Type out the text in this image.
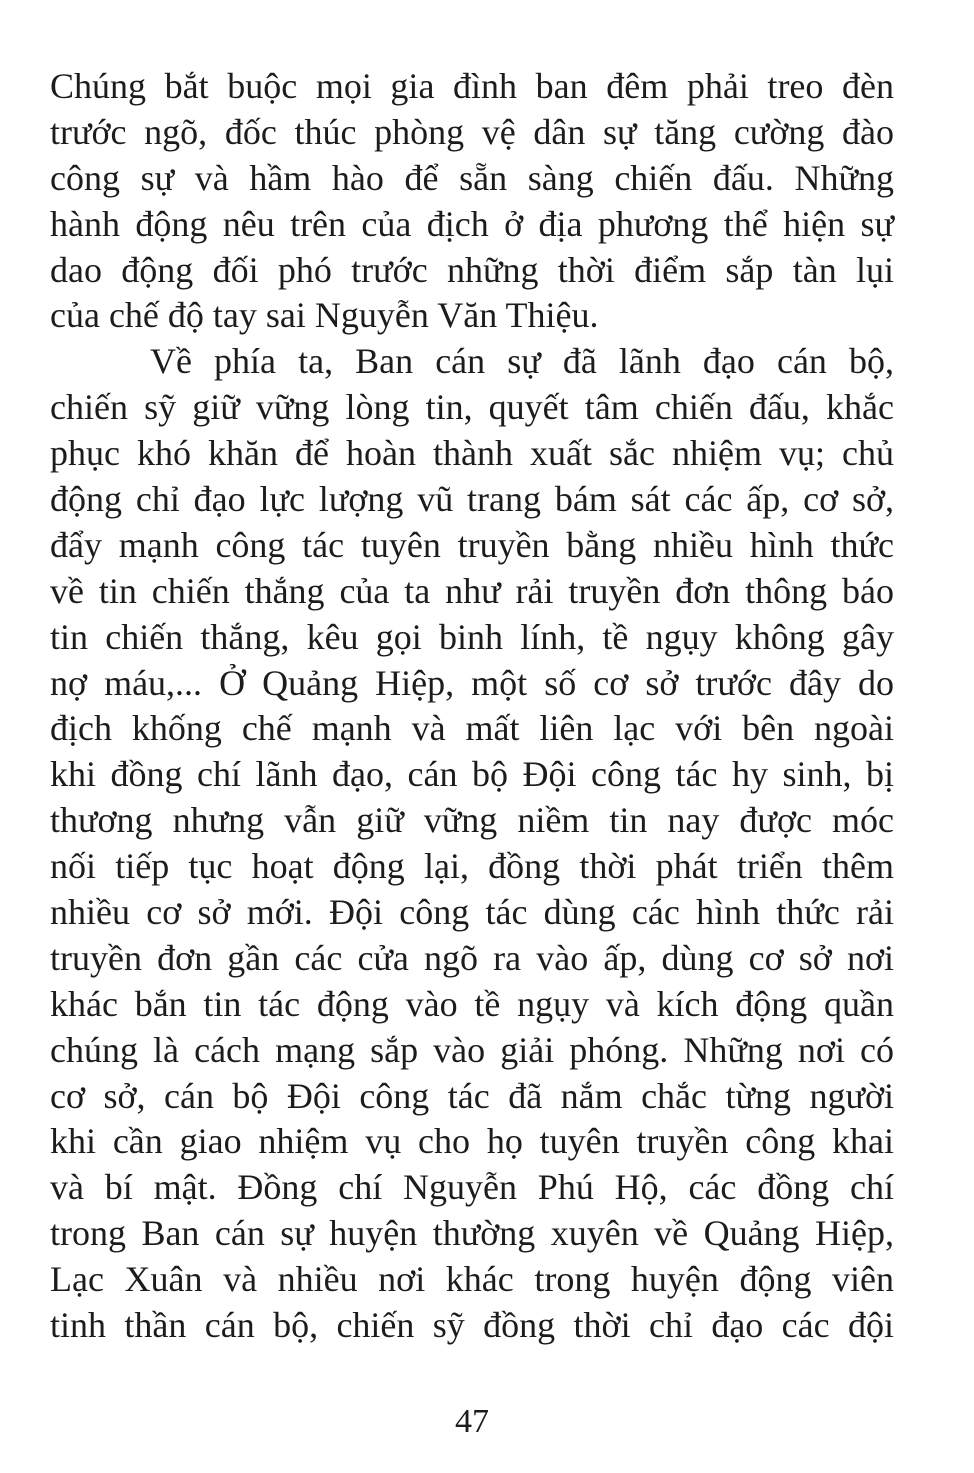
Chúng bắt buộc mọi gia đình ban đêm phải treo đèn
trước ngõ, đốc thúc phòng vệ dân sự tăng cường đào
công sự và hầm hào để sẵn sàng chiến đấu. Những
hành động nêu trên của địch ở địa phương thể hiện sự
dao động đối phó trước những thời điểm sắp tàn lụi
của chế độ tay sai Nguyễn Văn Thiệu.
Về phía ta, Ban cán sự đã lãnh đạo cán bộ,
chiến sỹ giữ vững lòng tin, quyết tâm chiến đấu, khắc
phục khó khăn để hoàn thành xuất sắc nhiệm vụ; chủ
động chỉ đạo lực lượng vũ trang bám sát các ấp, cơ sở,
đẩy mạnh công tác tuyên truyền bằng nhiều hình thức
về tin chiến thắng của ta như rải truyền đơn thông báo
tin chiến thắng, kêu gọi binh lính, tề ngụy không gây
nợ máu,... Ở Quảng Hiệp, một số cơ sở trước đây do
địch khống chế mạnh và mất liên lạc với bên ngoài
khi đồng chí lãnh đạo, cán bộ Đội công tác hy sinh, bị
thương nhưng vẫn giữ vững niềm tin nay được móc
nối tiếp tục hoạt động lại, đồng thời phát triển thêm
nhiều cơ sở mới. Đội công tác dùng các hình thức rải
truyền đơn gần các cửa ngõ ra vào ấp, dùng cơ sở nơi
khác bắn tin tác động vào tề ngụy và kích động quần
chúng là cách mạng sắp vào giải phóng. Những nơi có
cơ sở, cán bộ Đội công tác đã nắm chắc từng người
khi cần giao nhiệm vụ cho họ tuyên truyền công khai
và bí mật. Đồng chí Nguyễn Phú Hộ, các đồng chí
trong Ban cán sự huyện thường xuyên về Quảng Hiệp,
Lạc Xuân và nhiều nơi khác trong huyện động viên
tinh thần cán bộ, chiến sỹ đồng thời chỉ đạo các đội
47
